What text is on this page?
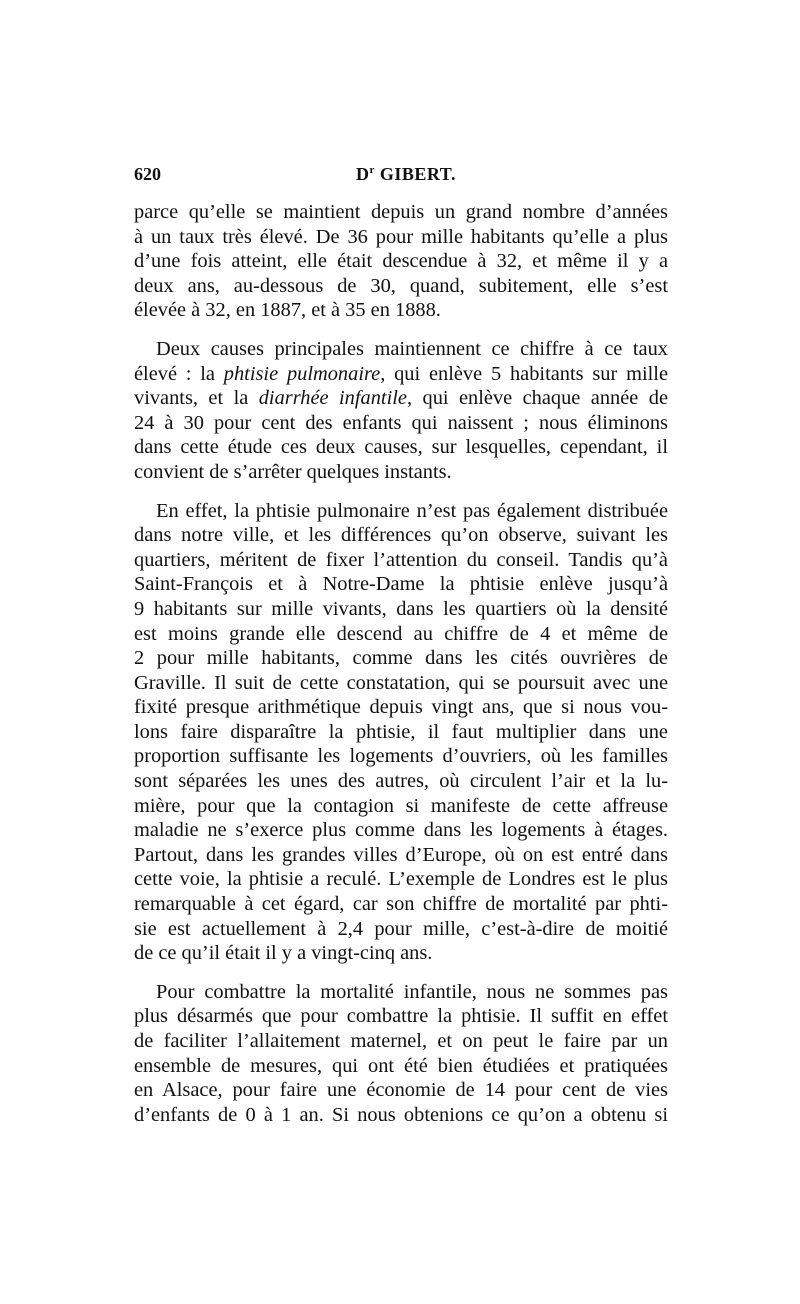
620	$D^r$ GIBERT.

parce qu’elle se maintient depuis un grand nombre d’années
à un taux très élevé. De 36 pour mille habitants qu’elle a plus
d’une fois atteint, elle était descendue à 32, et même il y a
deux ans, au-dessous de 30, quand, subitement, elle s’est
élevée à 32, en 1887, et à 35 en 1888.

Deux causes principales maintiennent ce chiffre à ce taux
élevé : la phtisie pulmonaire, qui enlève 5 habitants sur mille
vivants, et la diarrhée infantile, qui enlève chaque année de
24 à 30 pour cent des enfants qui naissent ; nous éliminons
dans cette étude ces deux causes, sur lesquelles, cependant, il
convient de s’arrêter quelques instants.

En effet, la phtisie pulmonaire n’est pas également distribuée
dans notre ville, et les différences qu’on observe, suivant les
quartiers, méritent de fixer l’attention du conseil. Tandis qu’à
Saint-François et à Notre-Dame la phtisie enlève jusqu’à
9 habitants sur mille vivants, dans les quartiers où la densité
est moins grande elle descend au chiffre de 4 et même de
2 pour mille habitants, comme dans les cités ouvrières de
Graville. Il suit de cette constatation, qui se poursuit avec une
fixité presque arithmétique depuis vingt ans, que si nous vou-
lons faire disparaître la phtisie, il faut multiplier dans une
proportion suffisante les logements d’ouvriers, où les familles
sont séparées les unes des autres, où circulent l’air et la lu-
mière, pour que la contagion si manifeste de cette affreuse
maladie ne s’exerce plus comme dans les logements à étages.
Partout, dans les grandes villes d’Europe, où on est entré dans
cette voie, la phtisie a reculé. L’exemple de Londres est le plus
remarquable à cet égard, car son chiffre de mortalité par phti-
sie est actuellement à 2,4 pour mille, c’est-à-dire de moitié
de ce qu’il était il y a vingt-cinq ans.

Pour combattre la mortalité infantile, nous ne sommes pas
plus désarmés que pour combattre la phtisie. Il suffit en effet
de faciliter l’allaitement maternel, et on peut le faire par un
ensemble de mesures, qui ont été bien étudiées et pratiquées
en Alsace, pour faire une économie de 14 pour cent de vies
d’enfants de 0 à 1 an. Si nous obtenions ce qu’on a obtenu si
